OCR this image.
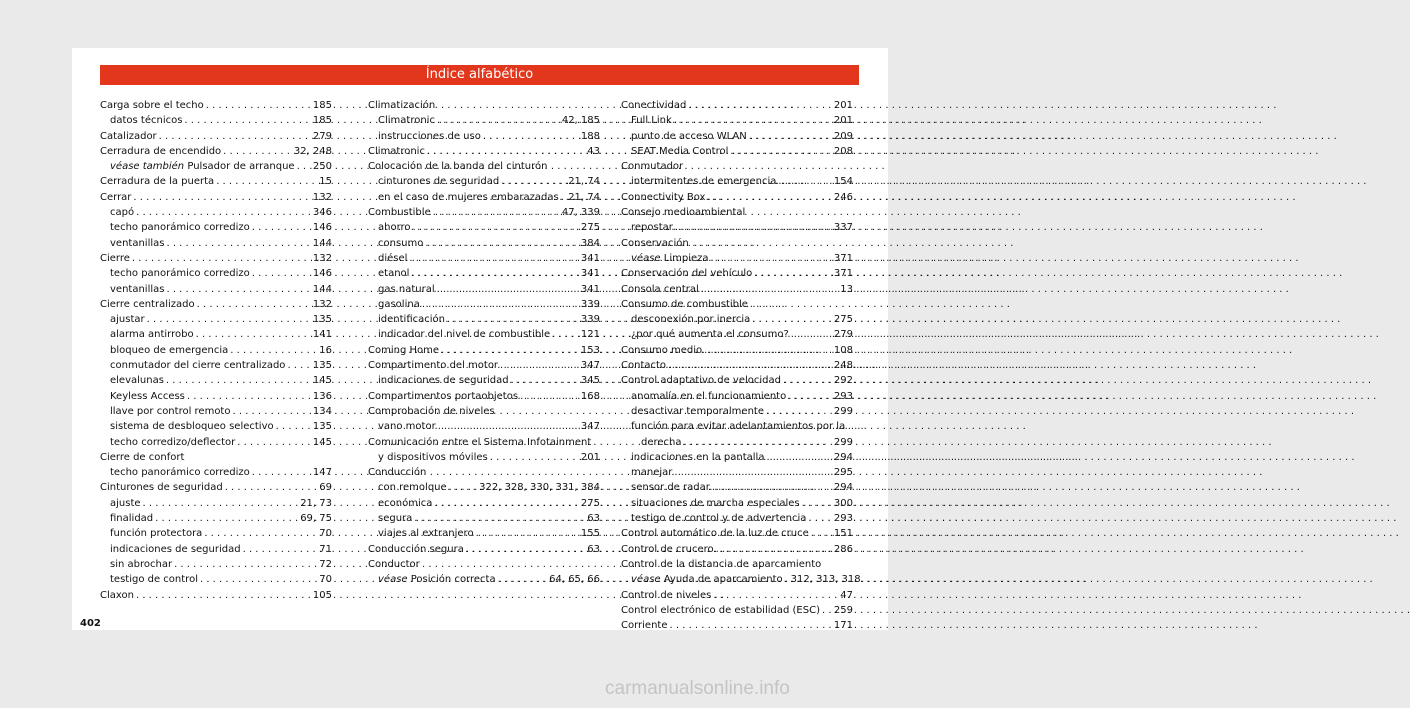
Índice alfabético
Carga sobre el techo . . .	185
datos técnicos . . .	185
Catalizador . . .	279
Cerradura de encendido . . .	32, 248
véase también Pulsador de arranque . . . 250
Cerradura de la puerta . . .	15
Cerrar . . .	132
capó . . .	346
techo panorámico corredizo . . .	146
ventanillas . . .	144
Cierre . . .	132
techo panorámico corredizo . . .	146
ventanillas . . .	144
Cierre centralizado . . .	132
ajustar . . .	135
alarma antirrobo . . .	141
bloqueo de emergencia . . .	16
conmutador del cierre centralizado . . .	135
elevalunas . . .	145
Keyless Access . . .	136
llave por control remoto . . .	134
sistema de desbloqueo selectivo . . .	135
techo corredizo/deflector . . .	145
Cierre de confort
techo panorámico corredizo . . .	147
Cinturones de seguridad . . .	69
ajuste . . .	21, 73
finalidad . . .	69, 75
función protectora . . .	70
indicaciones de seguridad . . .	71
sin abrochar . . .	72
testigo de control . . .	70
Claxon . . .	105
Climatización
Climatronic . . .	42, 185
instrucciones de uso . . .	188
Climatronic . . .	43
Colocación de la banda del cinturón
cinturones de seguridad . . .	21, 74
en el caso de mujeres embarazadas . . . 21, 74
Combustible . . .	47, 339
ahorro . . .	275
consumo . . .	384
diésel . . .	341
etanol . . .	341
gas natural . . .	341
gasolina . . .	339
identificación . . .	339
indicador del nivel de combustible . . .	121
Coming Home . . .	153
Compartimento del motor . . .	347
indicaciones de seguridad . . .	345
Compartimentos portaobjetos . . .	168
Comprobación de niveles
vano motor . . .	347
Comunicación entre el Sistema Infotainment
y dispositivos móviles . . .	201
Conducción
con remolque . . .	322, 328, 330, 331, 384
económica . . .	275
segura . . .	63
viajes al extranjero . . .	155
Conducción segura . . .	63
Conductor
véase Posición correcta . . .	64, 65, 66
Conectividad . . .	201
Full Link . . .	201
punto de acceso WLAN . . .	209
SEAT Media Control . . .	208
Conmutador
intermitentes de emergencia . . .	154
Connectivity Box . . .	246
Consejo medioambiental
repostar . . .	337
Conservación
véase Limpieza . . .	371
Conservación del vehículo . . .	371
Consola central . . .	13
Consumo de combustible
desconexión por inercia . . .	275
¿por qué aumenta el consumo? . . .	279
Consumo medio . . .	108
Contacto . . .	248
Control adaptativo de velocidad . . .	292
anomalía en el funcionamiento . . .	293
desactivar temporalmente . . .	299
función para evitar adelantamientos por la
derecha . . .	299
indicaciones en la pantalla . . .	294
manejar . . .	295
sensor de radar . . .	294
situaciones de marcha especiales . . .	300
testigo de control y de advertencia . . .	293
Control automático de la luz de cruce . . .	151
Control de crucero . . .	286
Control de la distancia de aparcamiento
véase Ayuda de aparcamiento . . . 312, 313, 318
Control de niveles . . .	47
Control electrónico de estabilidad (ESC) . . . 259
Corriente . . .	171
402
carmanualsonline.info
